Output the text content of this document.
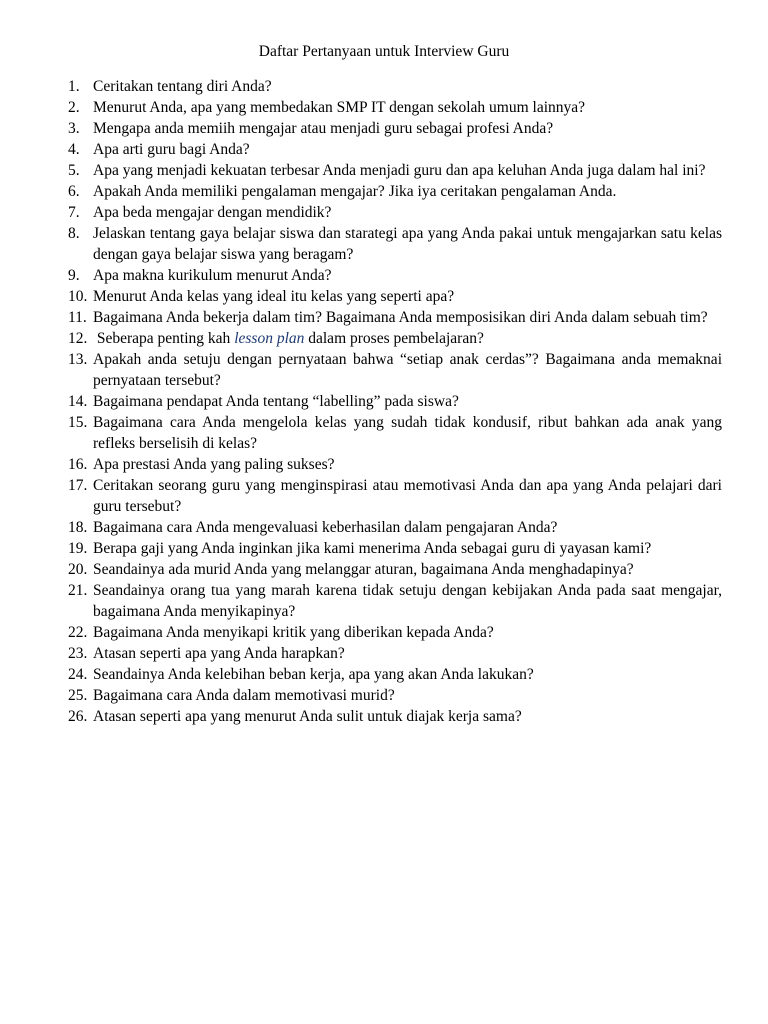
Daftar Pertanyaan untuk Interview Guru
1. Ceritakan tentang diri Anda?
2. Menurut Anda, apa yang membedakan SMP IT dengan sekolah umum lainnya?
3. Mengapa anda memiih mengajar atau menjadi guru sebagai profesi Anda?
4. Apa arti guru bagi Anda?
5. Apa yang menjadi kekuatan terbesar Anda menjadi guru dan apa keluhan Anda juga dalam hal ini?
6. Apakah Anda memiliki pengalaman mengajar? Jika iya ceritakan pengalaman Anda.
7. Apa beda mengajar dengan mendidik?
8. Jelaskan tentang gaya belajar siswa dan starategi apa yang Anda pakai untuk mengajarkan satu kelas dengan gaya belajar siswa yang beragam?
9. Apa makna kurikulum menurut Anda?
10. Menurut Anda kelas yang ideal itu kelas yang seperti apa?
11. Bagaimana Anda bekerja dalam tim? Bagaimana Anda memposisikan diri Anda dalam sebuah tim?
12. Seberapa penting kah lesson plan dalam proses pembelajaran?
13. Apakah anda setuju dengan pernyataan bahwa “setiap anak cerdas”? Bagaimana anda memaknai pernyataan tersebut?
14. Bagaimana pendapat Anda tentang “labelling” pada siswa?
15. Bagaimana cara Anda mengelola kelas yang sudah tidak kondusif, ribut bahkan ada anak yang refleks berselisih di kelas?
16. Apa prestasi Anda yang paling sukses?
17. Ceritakan seorang guru yang menginspirasi atau memotivasi Anda dan apa yang Anda pelajari dari guru tersebut?
18. Bagaimana cara Anda mengevaluasi keberhasilan dalam pengajaran Anda?
19. Berapa gaji yang Anda inginkan jika kami menerima Anda sebagai guru di yayasan kami?
20. Seandainya ada murid Anda yang melanggar aturan, bagaimana Anda menghadapinya?
21. Seandainya orang tua yang marah karena tidak setuju dengan kebijakan Anda pada saat mengajar, bagaimana Anda menyikapinya?
22. Bagaimana Anda menyikapi kritik yang diberikan kepada Anda?
23. Atasan seperti apa yang Anda harapkan?
24. Seandainya Anda kelebihan beban kerja, apa yang akan Anda lakukan?
25. Bagaimana cara Anda dalam memotivasi murid?
26. Atasan seperti apa yang menurut Anda sulit untuk diajak kerja sama?
